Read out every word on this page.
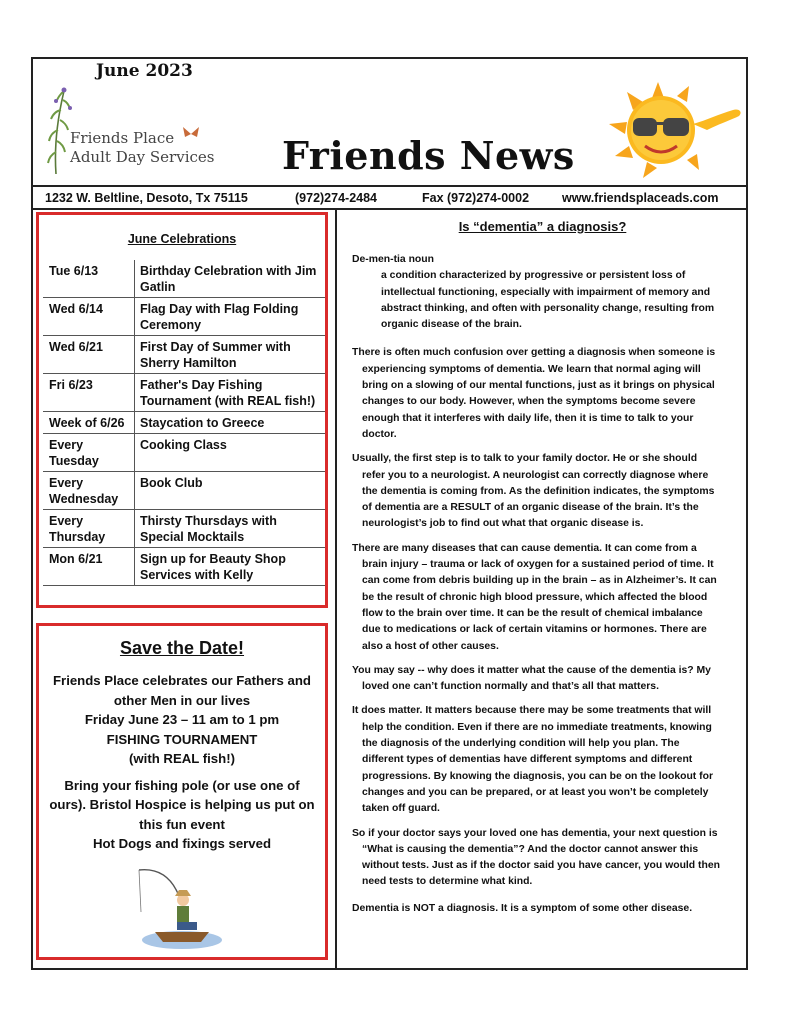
June 2023
Friends Place
Adult Day Services Friends News
1232 W. Beltline, Desoto, Tx 75115	(972)274-2484	Fax (972)274-0002	www.friendsplaceads.com
June Celebrations
Tue 6/13	Birthday Celebration with Jim Gatlin
Wed 6/14	Flag Day with Flag Folding Ceremony
Wed 6/21	First Day of Summer with Sherry Hamilton
Fri 6/23	Father's Day Fishing Tournament (with REAL fish!)
Week of 6/26	Staycation to Greece
Every Tuesday	Cooking Class
Every Wednesday	Book Club
Every Thursday	Thirsty Thursdays with Special Mocktails
Mon 6/21	Sign up for Beauty Shop Services with Kelly
Save the Date!

Friends Place celebrates our Fathers and other Men in our lives
Friday June 23 – 11 am to 1 pm
FISHING TOURNAMENT
(with REAL fish!)

Bring your fishing pole (or use one of ours). Bristol Hospice is helping us put on this fun event
Hot Dogs and fixings served

Is “dementia” a diagnosis?

De-men-tia noun

a condition characterized by progressive or persistent loss of intellectual functioning, especially with impairment of memory and abstract thinking, and often with personality change, resulting from organic disease of the brain.

There is often much confusion over getting a diagnosis when someone is experiencing symptoms of dementia. We learn that normal aging will bring on a slowing of our mental functions, just as it brings on physical changes to our body. However, when the symptoms become severe enough that it interferes with daily life, then it is time to talk to your doctor.

Usually, the first step is to talk to your family doctor. He or she should refer you to a neurologist. A neurologist can correctly diagnose where the dementia is coming from. As the definition indicates, the symptoms of dementia are a RESULT of an organic disease of the brain. It’s the neurologist’s job to find out what that organic disease is.

There are many diseases that can cause dementia. It can come from a brain injury – trauma or lack of oxygen for a sustained period of time. It can come from debris building up in the brain – as in Alzheimer’s. It can be the result of chronic high blood pressure, which affected the blood flow to the brain over time. It can be the result of chemical imbalance due to medications or lack of certain vitamins or hormones. There are also a host of other causes.

You may say -- why does it matter what the cause of the dementia is? My loved one can’t function normally and that’s all that matters.

It does matter. It matters because there may be some treatments that will help the condition. Even if there are no immediate treatments, knowing the diagnosis of the underlying condition will help you plan. The different types of dementias have different symptoms and different progressions. By knowing the diagnosis, you can be on the lookout for changes and you can be prepared, or at least you won’t be completely taken off guard.

So if your doctor says your loved one has dementia, your next question is “What is causing the dementia”? And the doctor cannot answer this without tests. Just as if the doctor said you have cancer, you would then need tests to determine what kind.

Dementia is NOT a diagnosis. It is a symptom of some other disease.
